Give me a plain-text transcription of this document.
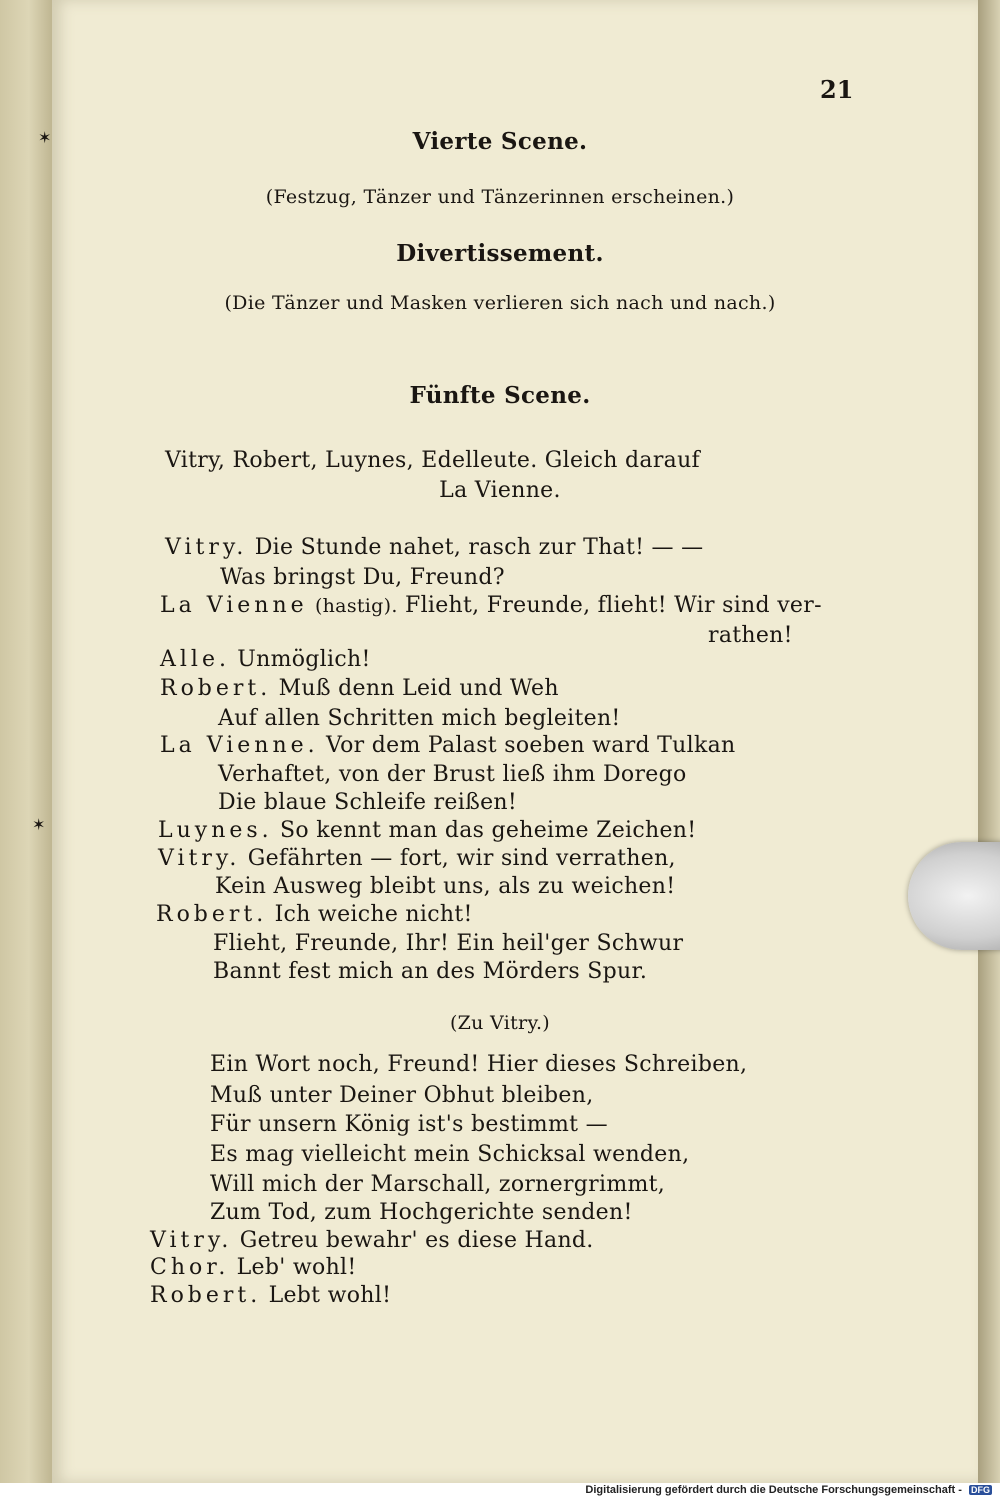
✶
✶
21
Vierte Scene.
(Festzug, Tänzer und Tänzerinnen erscheinen.)
Divertissement.
(Die Tänzer und Masken verlieren sich nach und nach.)
Fünfte Scene.
Vitry, Robert, Luynes, Edelleute. Gleich darauf
La Vienne.
Vitry. Die Stunde nahet, rasch zur That! — —
Was bringst Du, Freund?
La Vienne (hastig). Flieht, Freunde, flieht! Wir sind ver-
rathen!
Alle. Unmöglich!
Robert. Muß denn Leid und Weh
Auf allen Schritten mich begleiten!
La Vienne. Vor dem Palast soeben ward Tulkan
Verhaftet, von der Brust ließ ihm Dorego
Die blaue Schleife reißen!
Luynes. So kennt man das geheime Zeichen!
Vitry. Gefährten — fort, wir sind verrathen,
Kein Ausweg bleibt uns, als zu weichen!
Robert. Ich weiche nicht!
Flieht, Freunde, Ihr! Ein heil'ger Schwur
Bannt fest mich an des Mörders Spur.
(Zu Vitry.)
Ein Wort noch, Freund! Hier dieses Schreiben,
Muß unter Deiner Obhut bleiben,
Für unsern König ist's bestimmt —
Es mag vielleicht mein Schicksal wenden,
Will mich der Marschall, zornergrimmt,
Zum Tod, zum Hochgerichte senden!
Vitry. Getreu bewahr' es diese Hand.
Chor. Leb' wohl!
Robert. Lebt wohl!
Digitalisierung gefördert durch die Deutsche Forschungsgemeinschaft - DFG
